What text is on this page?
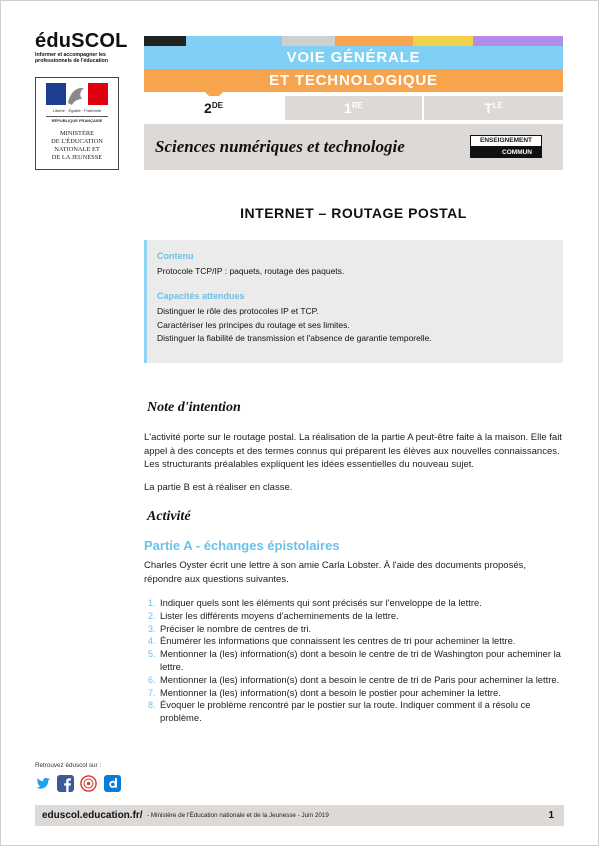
éduSCOL
Informer et accompagner les professionnels de l'éducation
Liberté · Égalité · Fraternité
RÉPUBLIQUE FRANÇAISE
MINISTÈRE
DE L'ÉDUCATION
NATIONALE ET
DE LA JEUNESSE
VOIE GÉNÉRALE
ET TECHNOLOGIQUE
2DE	1RE	$T^{LE}$
Sciences numériques et technologie	ENSEIGNEMENT
COMMUN
INTERNET – ROUTAGE POSTAL
Contenu
Protocole TCP/IP : paquets, routage des paquets.
Capacités attendues
Distinguer le rôle des protocoles IP et TCP.
Caractériser les principes du routage et ses limites.
Distinguer la fiabilité de transmission et l'absence de garantie temporelle.
Note d'intention
L'activité porte sur le routage postal. La réalisation de la partie A peut-être faite à la maison. Elle fait appel à des concepts et des termes connus qui préparent les élèves aux nouvelles connaissances. Les structurants préalables expliquent les idées essentielles du nouveau sujet.
La partie B est à réaliser en classe.
Activité
Partie A - échanges épistolaires
Charles Oyster écrit une lettre à son amie Carla Lobster. À l'aide des documents proposés, répondre aux questions suivantes.
1. Indiquer quels sont les éléments qui sont précisés sur l'enveloppe de la lettre.
2. Lister les différents moyens d'acheminements de la lettre.
3. Préciser le nombre de centres de tri.
4. Énumérer les informations que connaissent les centres de tri pour acheminer la lettre.
5. Mentionner la (les) information(s) dont a besoin le centre de tri de Washington pour acheminer la lettre.
6. Mentionner la (les) information(s) dont a besoin le centre de tri de Paris pour acheminer la lettre.
7. Mentionner la (les) information(s) dont a besoin le postier pour acheminer la lettre.
8. Évoquer le problème rencontré par le postier sur la route. Indiquer comment il a résolu ce problème.
Retrouvez éduscol sur :
eduscol.education.fr/ - Ministère de l'Éducation nationale et de la Jeunesse - Juin 2019	1
